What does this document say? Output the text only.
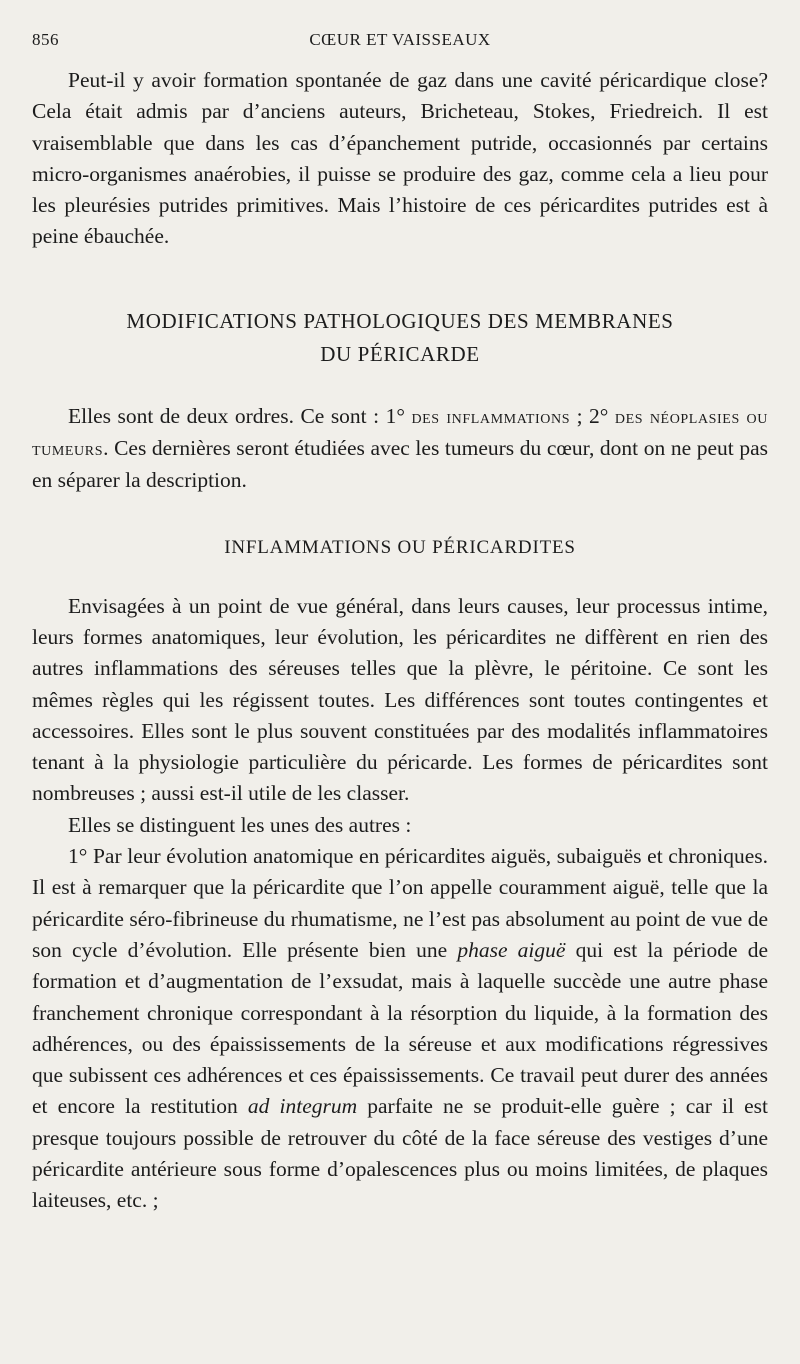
856	CŒUR ET VAISSEAUX

Peut-il y avoir formation spontanée de gaz dans une cavité péricardique close? Cela était admis par d’anciens auteurs, Bricheteau, Stokes, Friedreich. Il est vraisemblable que dans les cas d’épanchement putride, occasionnés par certains micro-organismes anaérobies, il puisse se produire des gaz, comme cela a lieu pour les pleurésies putrides primitives. Mais l’histoire de ces péricardites putrides est à peine ébauchée.

MODIFICATIONS PATHOLOGIQUES DES MEMBRANES
DU PÉRICARDE

Elles sont de deux ordres. Ce sont : 1° des inflammations ; 2° des néoplasies ou tumeurs. Ces dernières seront étudiées avec les tumeurs du cœur, dont on ne peut pas en séparer la description.

INFLAMMATIONS OU PÉRICARDITES

Envisagées à un point de vue général, dans leurs causes, leur processus intime, leurs formes anatomiques, leur évolution, les péricardites ne diffèrent en rien des autres inflammations des séreuses telles que la plèvre, le péritoine. Ce sont les mêmes règles qui les régissent toutes. Les différences sont toutes contingentes et accessoires. Elles sont le plus souvent constituées par des modalités inflammatoires tenant à la physiologie particulière du péricarde. Les formes de péricardites sont nombreuses ; aussi est-il utile de les classer.

Elles se distinguent les unes des autres :

1° Par leur évolution anatomique en péricardites aiguës, subaiguës et chroniques. Il est à remarquer que la péricardite que l’on appelle couramment aiguë, telle que la péricardite séro-fibrineuse du rhumatisme, ne l’est pas absolument au point de vue de son cycle d’évolution. Elle présente bien une phase aiguë qui est la période de formation et d’augmentation de l’exsudat, mais à laquelle succède une autre phase franchement chronique correspondant à la résorption du liquide, à la formation des adhérences, ou des épaississements de la séreuse et aux modifications régressives que subissent ces adhérences et ces épaississements. Ce travail peut durer des années et encore la restitution ad integrum parfaite ne se produit-elle guère ; car il est presque toujours possible de retrouver du côté de la face séreuse des vestiges d’une péricardite antérieure sous forme d’opalescences plus ou moins limitées, de plaques laiteuses, etc. ;
